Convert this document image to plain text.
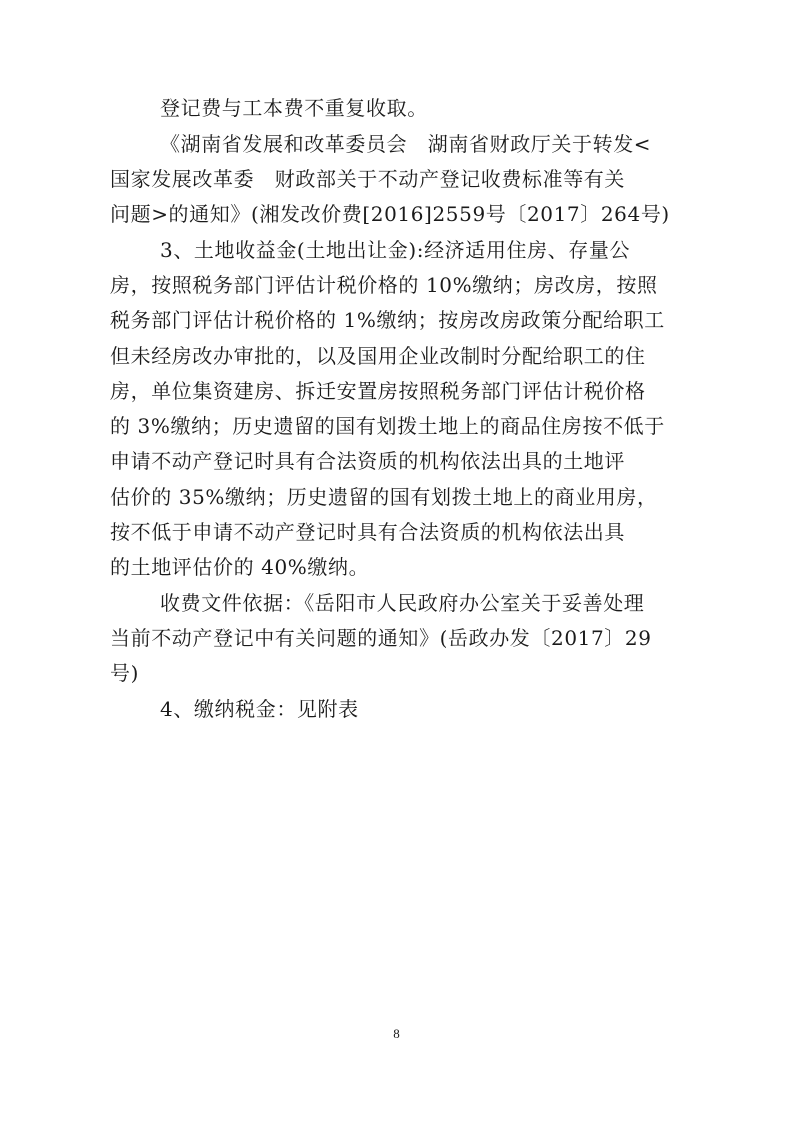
登记费与工本费不重复收取。
《湖南省发展和改革委员会　湖南省财政厅关于转发<
国家发展改革委　财政部关于不动产登记收费标准等有关
问题>的通知》(湘发改价费[2016]2559号〔2017〕264号)
3、土地收益金(土地出让金):经济适用住房、存量公
房，按照税务部门评估计税价格的 10%缴纳；房改房，按照
税务部门评估计税价格的 1%缴纳；按房改房政策分配给职工
但未经房改办审批的，以及国用企业改制时分配给职工的住
房，单位集资建房、拆迁安置房按照税务部门评估计税价格
的 3%缴纳；历史遗留的国有划拨土地上的商品住房按不低于
申请不动产登记时具有合法资质的机构依法出具的土地评
估价的 35%缴纳；历史遗留的国有划拨土地上的商业用房，
按不低于申请不动产登记时具有合法资质的机构依法出具
的土地评估价的 40%缴纳。
收费文件依据：《岳阳市人民政府办公室关于妥善处理
当前不动产登记中有关问题的通知》(岳政办发〔2017〕29
号)
4、缴纳税金：见附表
8
